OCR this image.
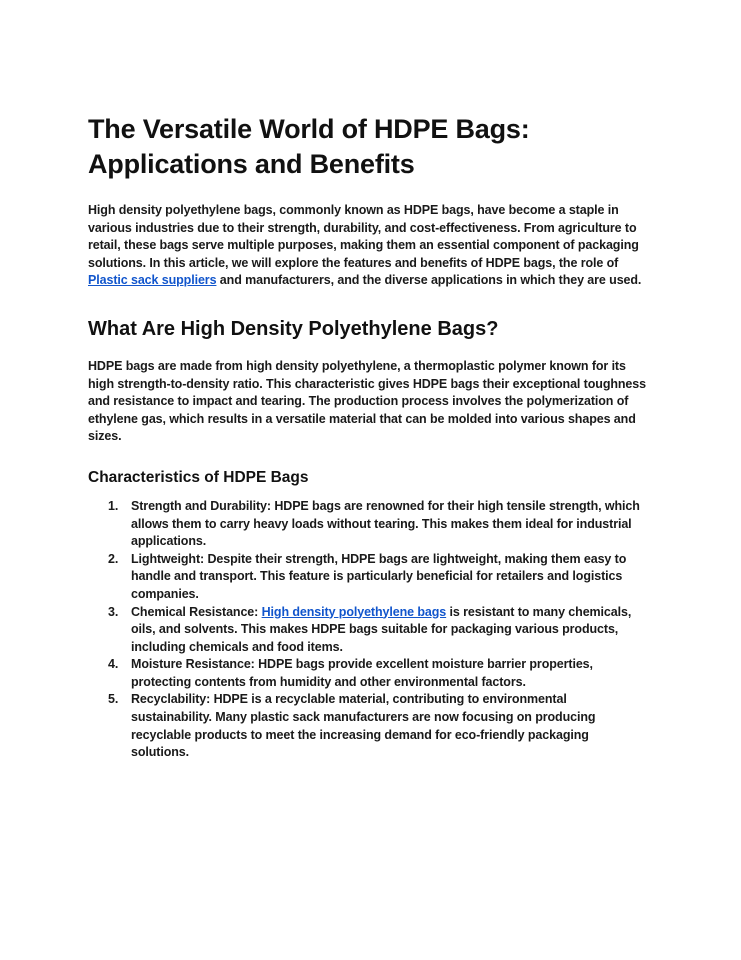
The Versatile World of HDPE Bags: Applications and Benefits

High density polyethylene bags, commonly known as HDPE bags, have become a staple in various industries due to their strength, durability, and cost-effectiveness. From agriculture to retail, these bags serve multiple purposes, making them an essential component of packaging solutions. In this article, we will explore the features and benefits of HDPE bags, the role of Plastic sack suppliers and manufacturers, and the diverse applications in which they are used.

What Are High Density Polyethylene Bags?

HDPE bags are made from high density polyethylene, a thermoplastic polymer known for its high strength-to-density ratio. This characteristic gives HDPE bags their exceptional toughness and resistance to impact and tearing. The production process involves the polymerization of ethylene gas, which results in a versatile material that can be molded into various shapes and sizes.

Characteristics of HDPE Bags
1. Strength and Durability: HDPE bags are renowned for their high tensile strength, which allows them to carry heavy loads without tearing. This makes them ideal for industrial applications.
2. Lightweight: Despite their strength, HDPE bags are lightweight, making them easy to handle and transport. This feature is particularly beneficial for retailers and logistics companies.
3. Chemical Resistance: High density polyethylene bags is resistant to many chemicals, oils, and solvents. This makes HDPE bags suitable for packaging various products, including chemicals and food items.
4. Moisture Resistance: HDPE bags provide excellent moisture barrier properties, protecting contents from humidity and other environmental factors.
5. Recyclability: HDPE is a recyclable material, contributing to environmental sustainability. Many plastic sack manufacturers are now focusing on producing recyclable products to meet the increasing demand for eco-friendly packaging solutions.
